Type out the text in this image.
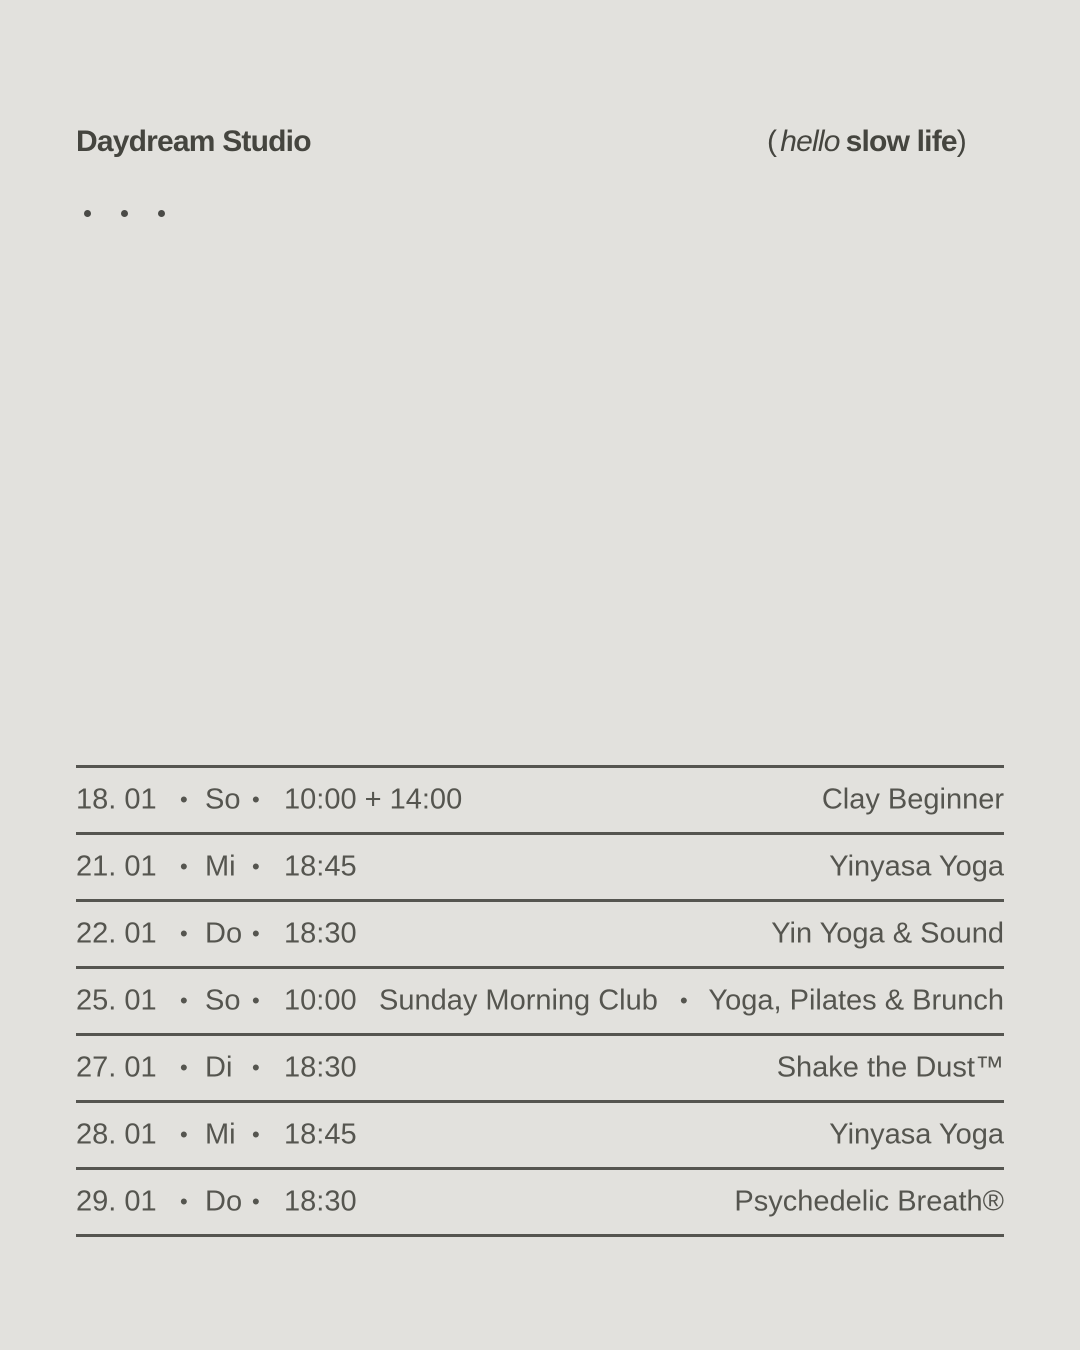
Daydream Studio	( hello slow life)
18. 01 • So • 10:00 + 14:00	Clay Beginner
21. 01 • Mi • 18:45	Yinyasa Yoga
22. 01 • Do • 18:30	Yin Yoga & Sound
25. 01 • So • 10:00 Sunday Morning Club • Yoga, Pilates & Brunch
27. 01 • Di • 18:30	Shake the Dust™
28. 01 • Mi • 18:45	Yinyasa Yoga
29. 01 • Do • 18:30	Psychedelic Breath®
